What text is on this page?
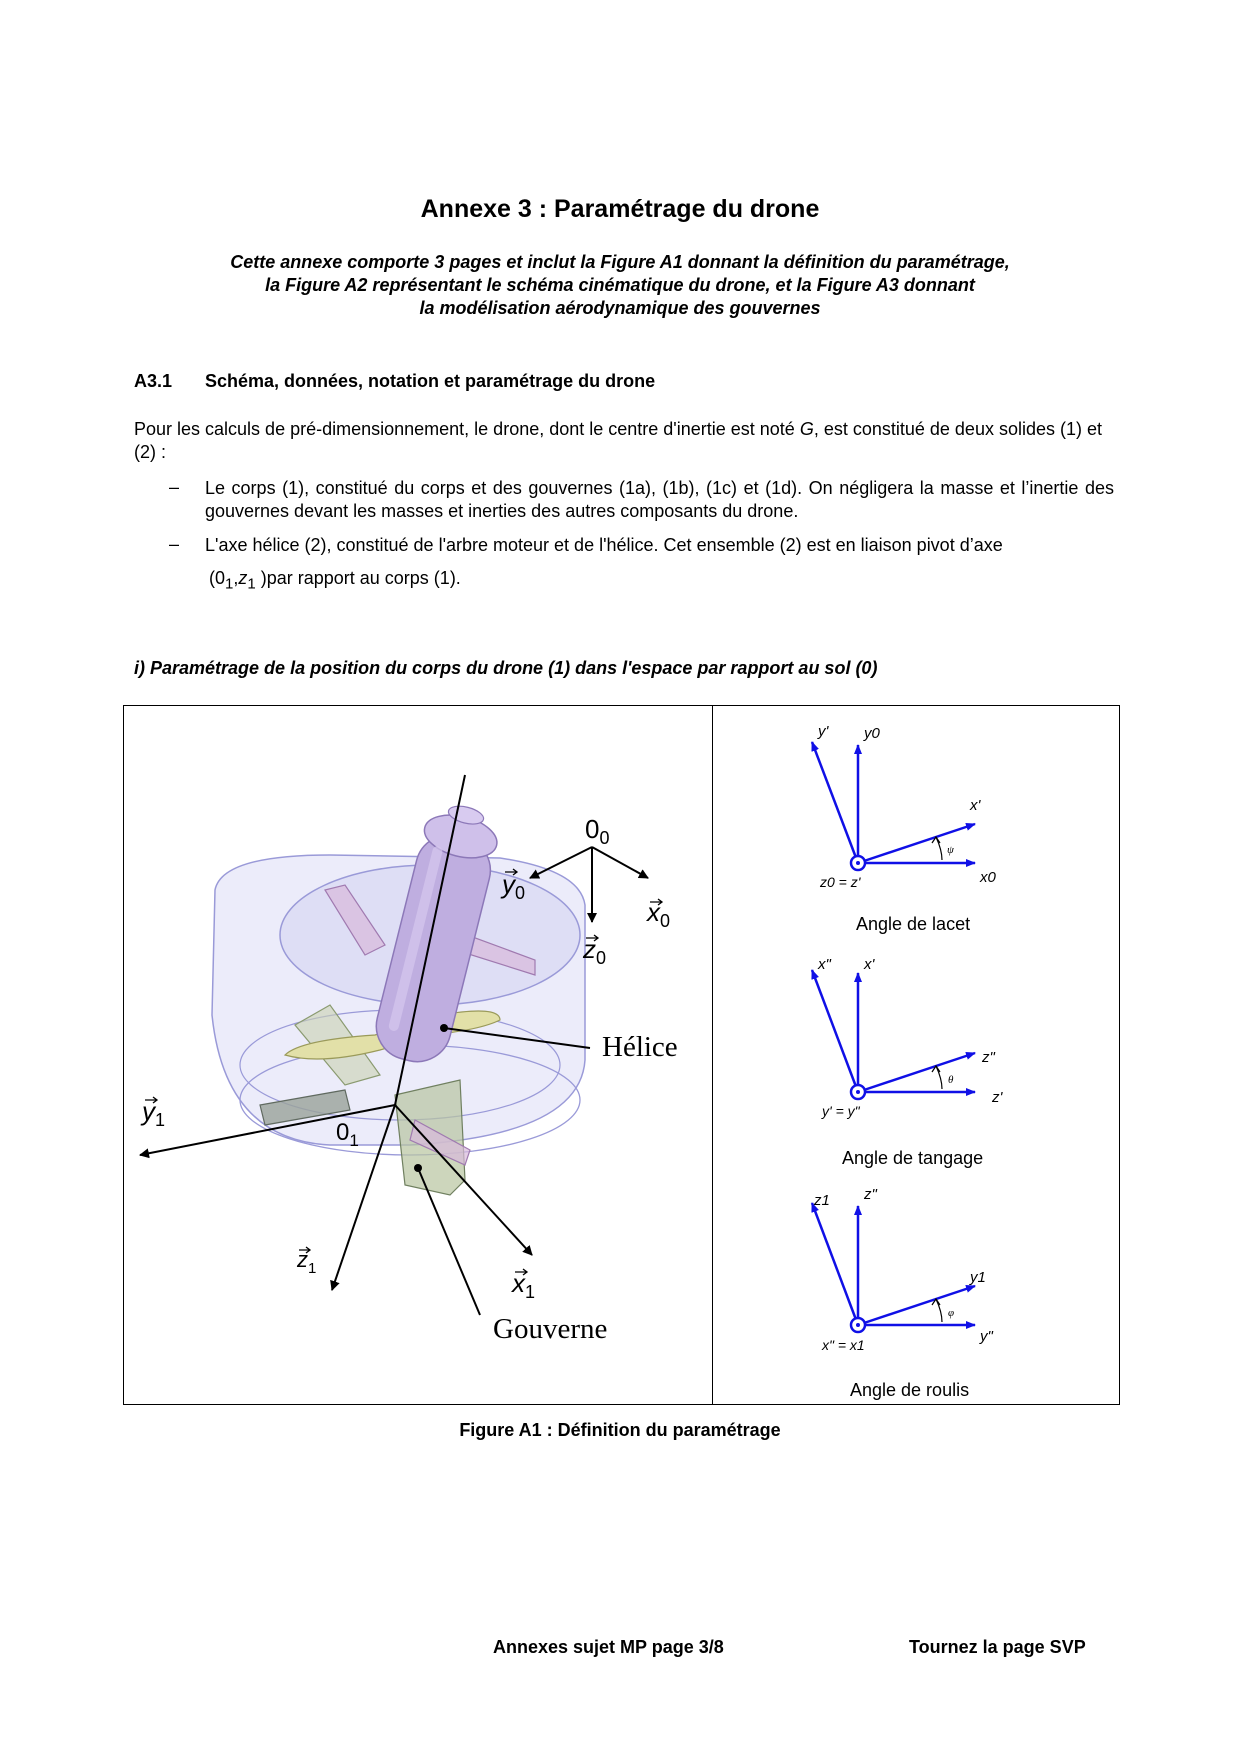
Annexe 3 : Paramétrage du drone
Cette annexe comporte 3 pages et inclut la Figure A1 donnant la définition du paramétrage,
la Figure A2 représentant le schéma cinématique du drone, et la Figure A3 donnant
la modélisation aérodynamique des gouvernes
A3.1 Schéma, données, notation et paramétrage du drone
Pour les calculs de pré-dimensionnement, le drone, dont le centre d'inertie est noté G, est constitué de deux solides (1) et (2) :
– Le corps (1), constitué du corps et des gouvernes (1a), (1b), (1c) et (1d). On négligera la masse et l’inertie des gouvernes devant les masses et inerties des autres composants du drone.
– L'axe hélice (2), constitué de l'arbre moteur et de l'hélice. Cet ensemble (2) est en liaison pivot d’axe
($0_1,z_1$ )par rapport au corps (1).
i) Paramétrage de la position du corps du drone (1) dans l'espace par rapport au sol (0)
$0_0$
$y_0$
$x_0$
$z_0$
$0_1$
$y_1$
$z_1$	$x_1$
Hélice
Gouverne
y' y0
x'
x0
z0 = z'
ψ
Angle de lacet
x" x'
z"
z'
y' = y"
θ
Angle de tangage
z1 z"
y1
y"
x" = x1
φ
Angle de roulis
Figure A1 : Définition du paramétrage
Annexes sujet MP page 3/8	Tournez la page SVP
